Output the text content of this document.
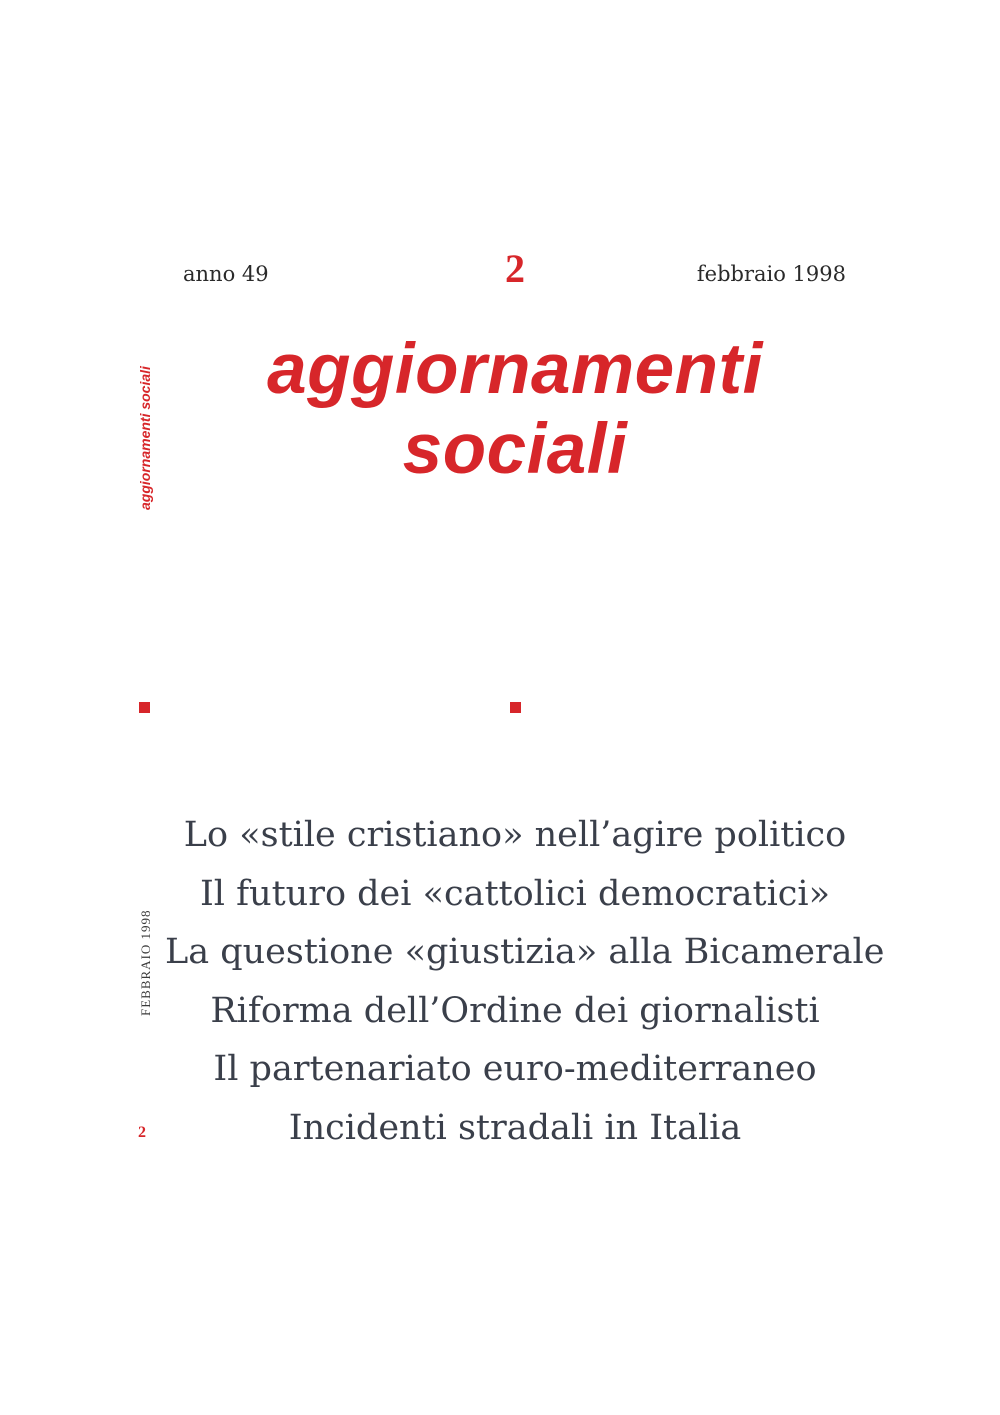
anno 49	2	febbraio 1998
aggiornamenti sociali	aggiornamenti
sociali
Lo «stile cristiano» nell’agire politico
Il futuro dei «cattolici democratici»
La questione «giustizia» alla Bicamerale
Riforma dell’Ordine dei giornalisti
Il partenariato euro-mediterraneo
Incidenti stradali in Italia
FEBBRAIO 1998
2
